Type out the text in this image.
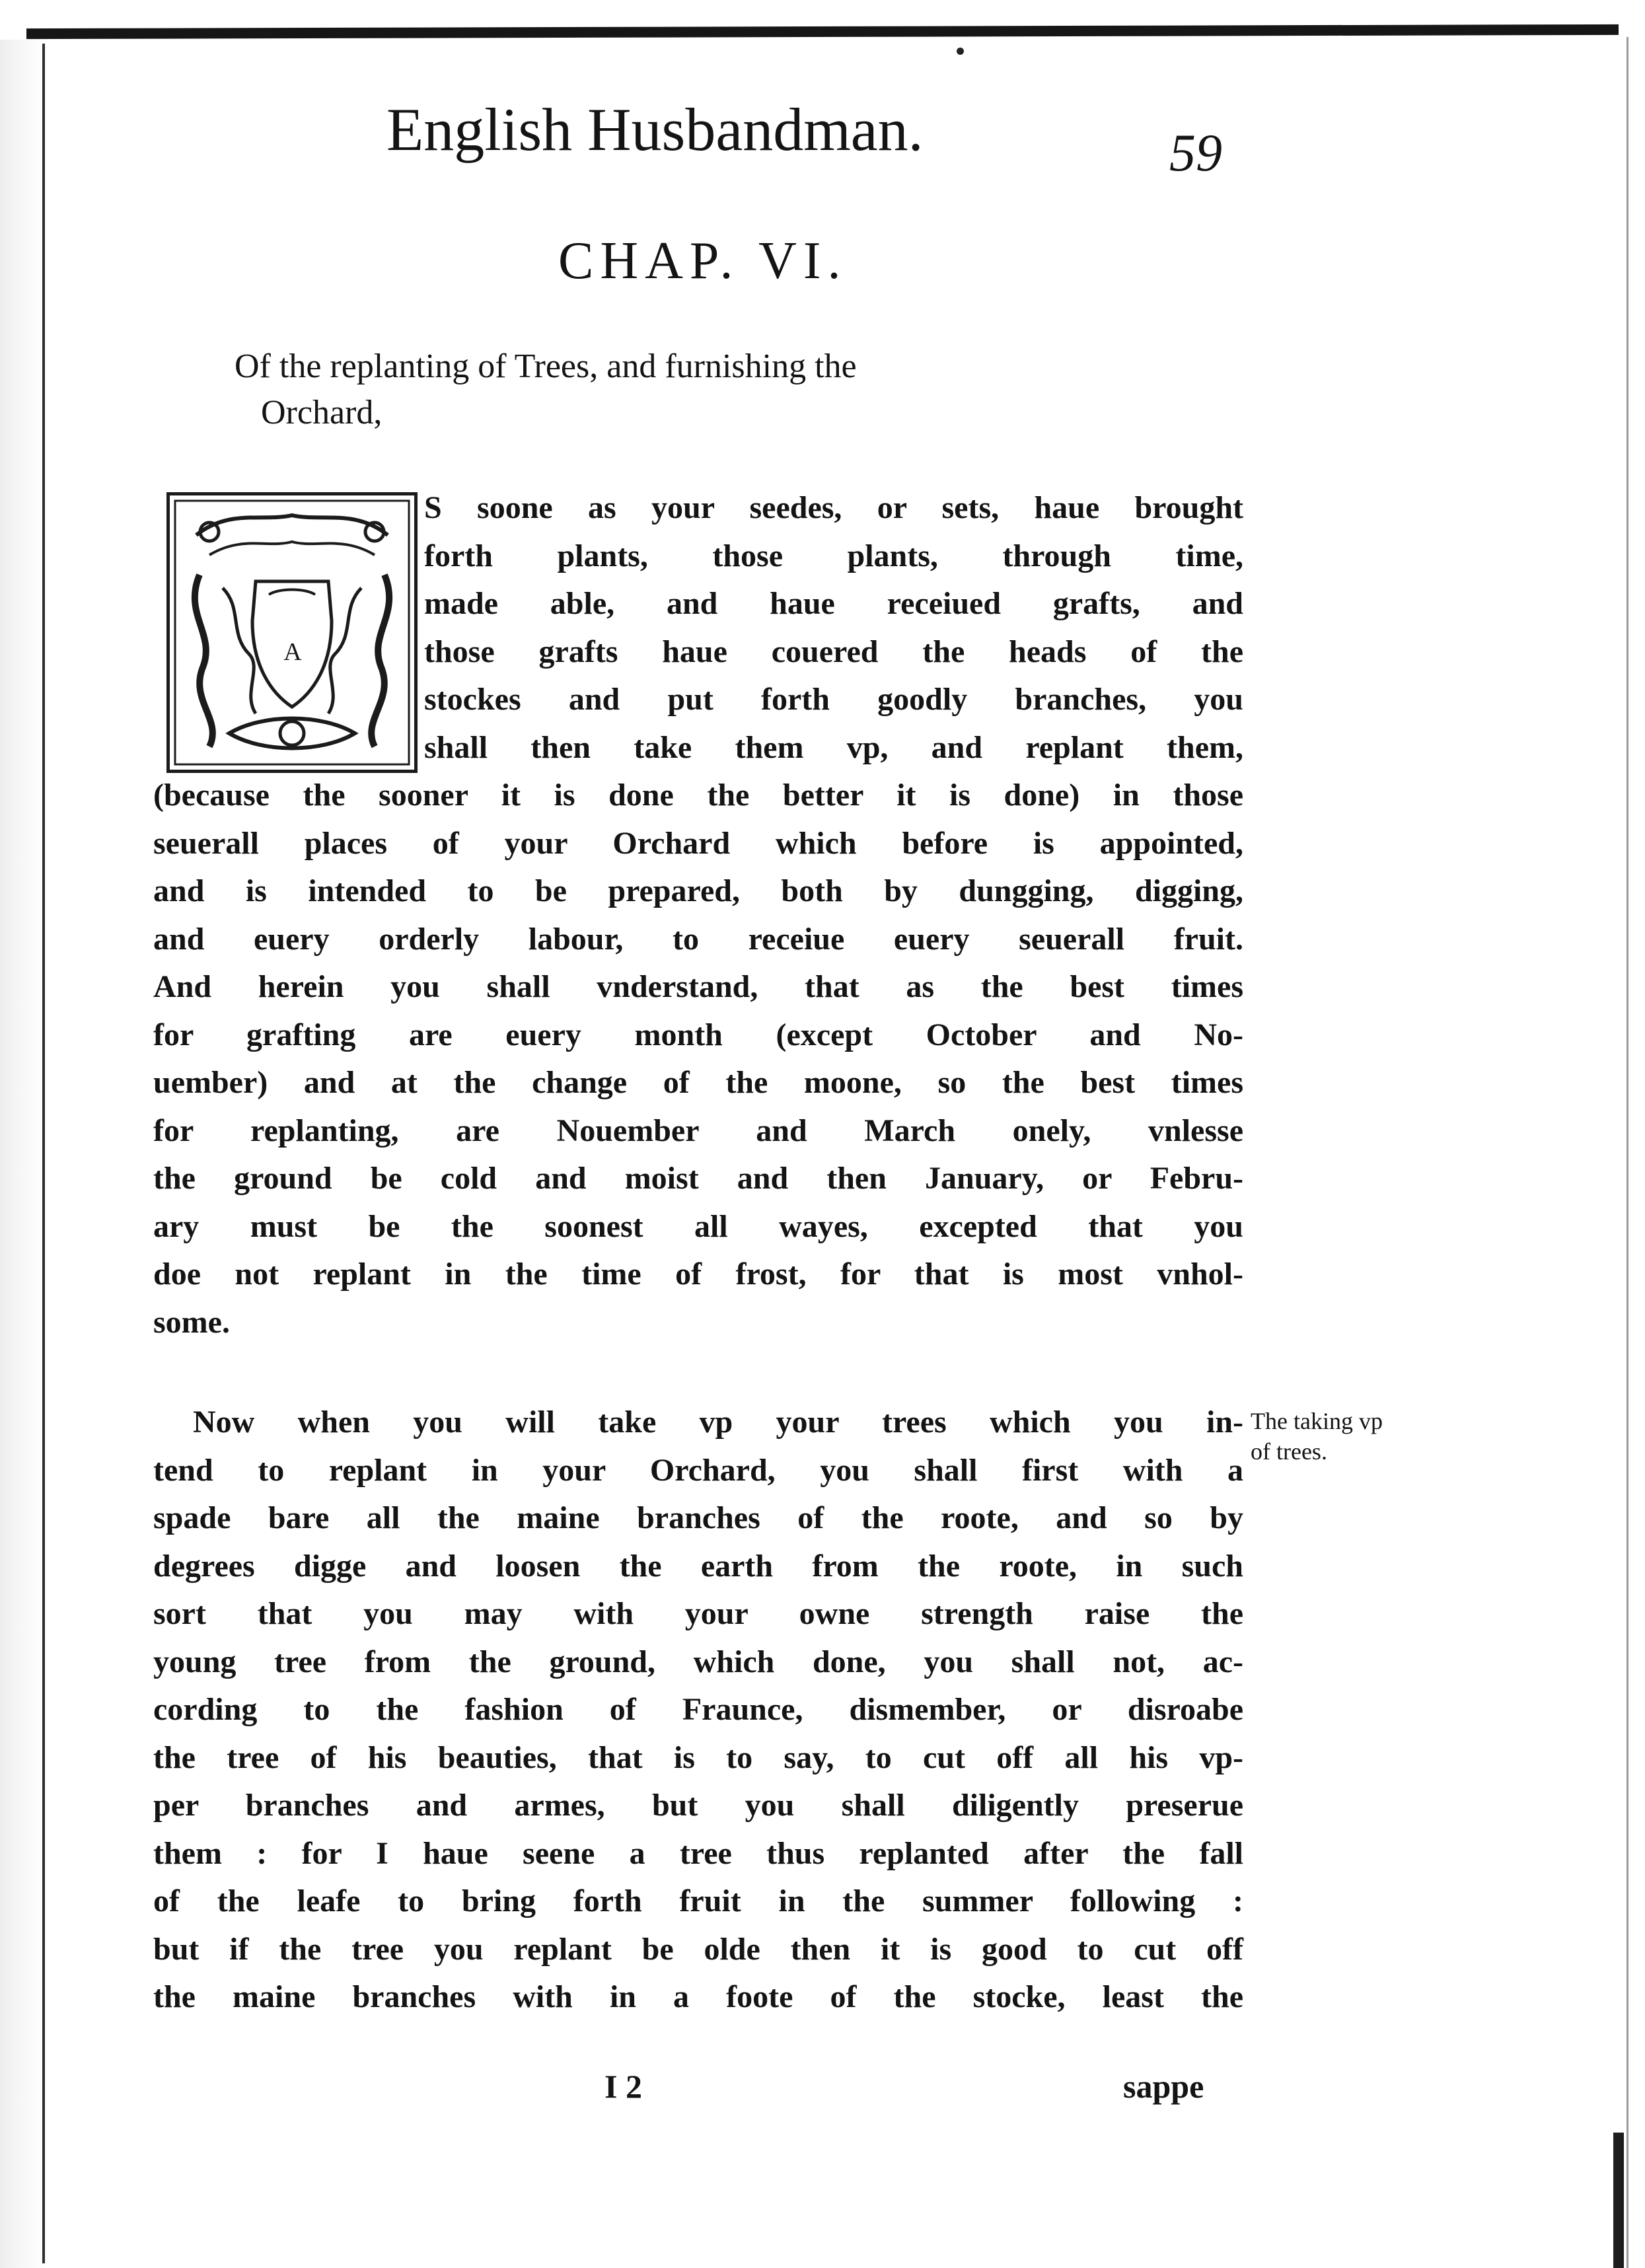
English Husbandman.	59
CHAP. VI.
Of the replanting of Trees, and furnishing the
Orchard,
A
S soone as your seedes, or sets, haue brought
forth plants, those plants, through time,
made able, and haue receiued grafts, and
those grafts haue couered the heads of the
stockes and put forth goodly branches, you
shall then take them vp, and replant them,
(because the sooner it is done the better it is done) in those
seuerall places of your Orchard which before is appointed,
and is intended to be prepared, both by dungging, digging,
and euery orderly labour, to receiue euery seuerall fruit.
And herein you shall vnderstand, that as the best times
for grafting are euery month (except October and No-
uember) and at the change of the moone, so the best times
for replanting, are Nouember and March onely, vnlesse
the ground be cold and moist and then January, or Febru-
ary must be the soonest all wayes, excepted that you
doe not replant in the time of frost, for that is most vnhol-
some.
Now when you will take vp your trees which you in-
tend to replant in your Orchard, you shall first with a
spade bare all the maine branches of the roote, and so by
degrees digge and loosen the earth from the roote, in such
sort that you may with your owne strength raise the
young tree from the ground, which done, you shall not, ac-
cording to the fashion of Fraunce, dismember, or disroabe
the tree of his beauties, that is to say, to cut off all his vp-
per branches and armes, but you shall diligently preserue
them : for I haue seene a tree thus replanted after the fall
of the leafe to bring forth fruit in the summer following :
but if the tree you replant be olde then it is good to cut off
the maine branches with in a foote of the stocke, least the
The taking vp
of trees.
I 2	sappe
